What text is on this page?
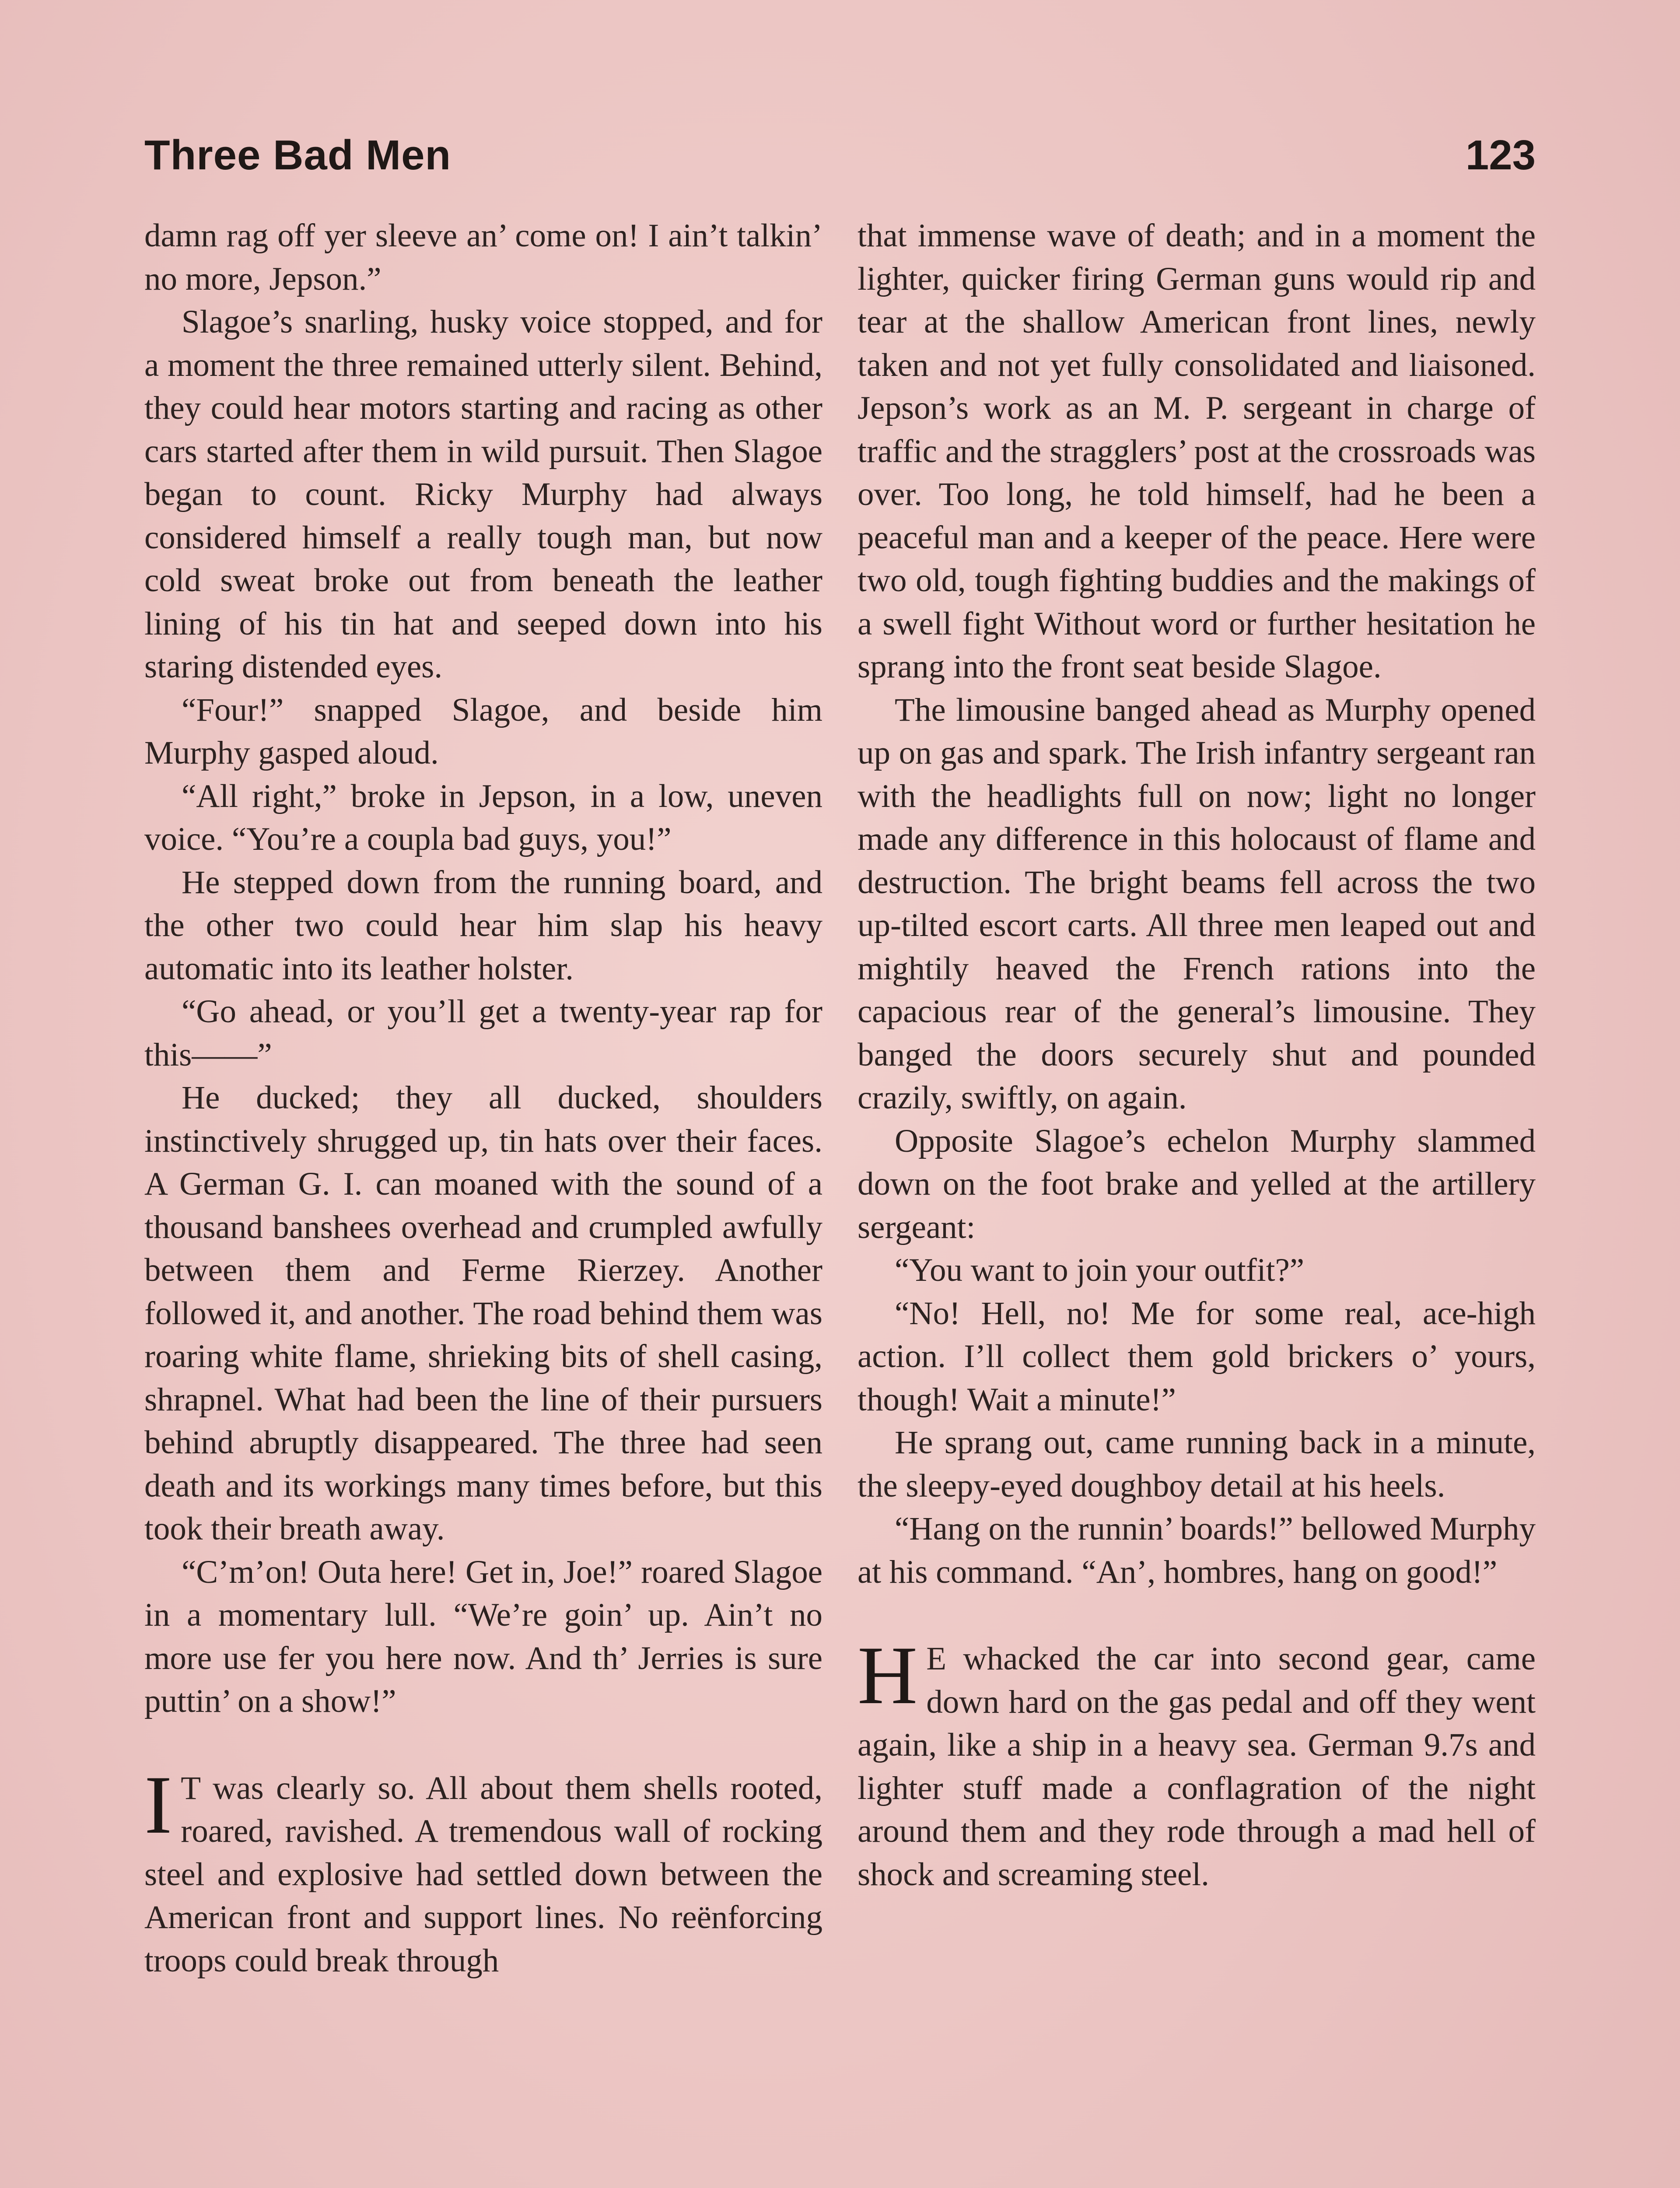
Three Bad Men	123

damn rag off yer sleeve an’ come on! I ain’t talkin’ no more, Jepson.”

Slagoe’s snarling, husky voice stopped, and for a moment the three remained utterly silent. Behind, they could hear motors starting and racing as other cars started after them in wild pursuit. Then Slagoe began to count. Ricky Murphy had always considered himself a really tough man, but now cold sweat broke out from beneath the leather lining of his tin hat and seeped down into his staring distended eyes.

“Four!” snapped Slagoe, and beside him Murphy gasped aloud.

“All right,” broke in Jepson, in a low, uneven voice. “You’re a coupla bad guys, you!”

He stepped down from the running board, and the other two could hear him slap his heavy automatic into its leather holster.

“Go ahead, or you’ll get a twenty-year rap for this——”

He ducked; they all ducked, shoulders instinctively shrugged up, tin hats over their faces. A German G. I. can moaned with the sound of a thousand banshees overhead and crumpled awfully between them and Ferme Rierzey. Another followed it, and another. The road behind them was roaring white flame, shrieking bits of shell casing, shrapnel. What had been the line of their pursuers behind abruptly disappeared. The three had seen death and its workings many times before, but this took their breath away.

“C’m’on! Outa here! Get in, Joe!” roared Slagoe in a momentary lull. “We’re goin’ up. Ain’t no more use fer you here now. And th’ Jerries is sure puttin’ on a show!”

I T was clearly so. All about them shells rooted, roared, ravished. A tremendous wall of rocking steel and explosive had settled down between the American front and support lines. No reënforcing troops could break through

that immense wave of death; and in a moment the lighter, quicker firing German guns would rip and tear at the shallow American front lines, newly taken and not yet fully consolidated and liaisoned. Jepson’s work as an M. P. sergeant in charge of traffic and the stragglers’ post at the crossroads was over. Too long, he told himself, had he been a peaceful man and a keeper of the peace. Here were two old, tough fighting buddies and the makings of a swell fight Without word or further hesitation he sprang into the front seat beside Slagoe.

The limousine banged ahead as Murphy opened up on gas and spark. The Irish infantry sergeant ran with the headlights full on now; light no longer made any difference in this holocaust of flame and destruction. The bright beams fell across the two up-tilted escort carts. All three men leaped out and mightily heaved the French rations into the capacious rear of the general’s limousine. They banged the doors securely shut and pounded crazily, swiftly, on again.

Opposite Slagoe’s echelon Murphy slammed down on the foot brake and yelled at the artillery sergeant:

“You want to join your outfit?”

“No! Hell, no! Me for some real, ace-high action. I’ll collect them gold brickers o’ yours, though! Wait a minute!”

He sprang out, came running back in a minute, the sleepy-eyed doughboy detail at his heels.

“Hang on the runnin’ boards!” bellowed Murphy at his command. “An’, hombres, hang on good!”

H E whacked the car into second gear, came down hard on the gas pedal and off they went again, like a ship in a heavy sea. German 9.7s and lighter stuff made a conflagration of the night around them and they rode through a mad hell of shock and screaming steel.
